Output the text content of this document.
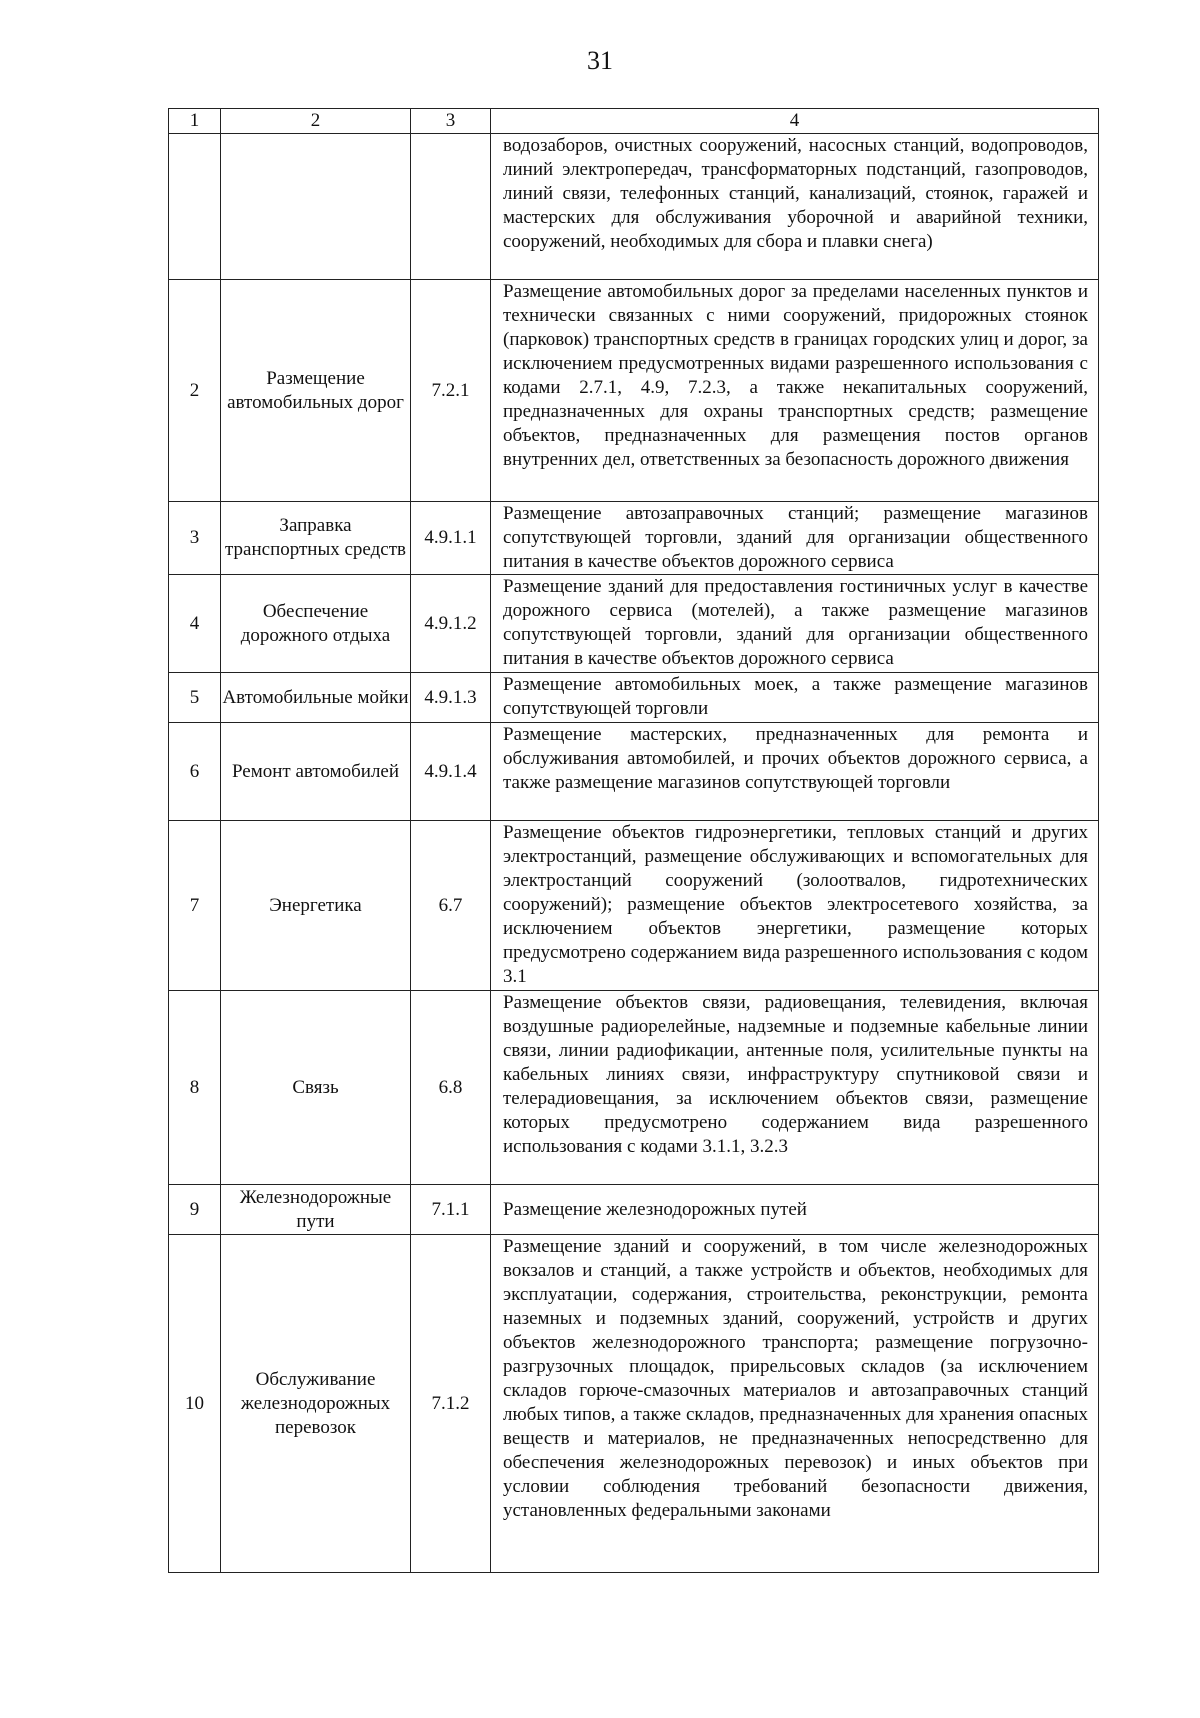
31
1	2	3	4
			водозаборов, очистных сооружений, насосных станций, водопроводов, линий электропередач, трансформаторных подстанций, газопроводов, линий связи, телефонных станций, канализаций, стоянок, гаражей и мастерских для обслуживания уборочной и аварийной техники, сооружений, необходимых для сбора и плавки снега)
2	Размещение автомобильных дорог	7.2.1	Размещение автомобильных дорог за пределами населенных пунктов и технически связанных с ними сооружений, придорожных стоянок (парковок) транспортных средств в границах городских улиц и дорог, за исключением предусмотренных видами разрешенного использования с кодами 2.7.1, 4.9, 7.2.3, а также некапитальных сооружений, предназначенных для охраны транспортных средств; размещение объектов, предназначенных для размещения постов органов внутренних дел, ответственных за безопасность дорожного движения
3	Заправка транспортных средств	4.9.1.1	Размещение автозаправочных станций; размещение магазинов сопутствующей торговли, зданий для организации общественного питания в качестве объектов дорожного сервиса
4	Обеспечение дорожного отдыха	4.9.1.2	Размещение зданий для предоставления гостиничных услуг в качестве дорожного сервиса (мотелей), а также размещение магазинов сопутствующей торговли, зданий для организации общественного питания в качестве объектов дорожного сервиса
5	Автомобильные мойки	4.9.1.3	Размещение автомобильных моек, а также размещение магазинов сопутствующей торговли
6	Ремонт автомобилей	4.9.1.4	Размещение мастерских, предназначенных для ремонта и обслуживания автомобилей, и прочих объектов дорожного сервиса, а также размещение магазинов сопутствующей торговли
7	Энергетика	6.7	Размещение объектов гидроэнергетики, тепловых станций и других электростанций, размещение обслуживающих и вспомогательных для электростанций сооружений (золоотвалов, гидротехнических сооружений); размещение объектов электросетевого хозяйства, за исключением объектов энергетики, размещение которых предусмотрено содержанием вида разрешенного использования с кодом 3.1
8	Связь	6.8	Размещение объектов связи, радиовещания, телевидения, включая воздушные радиорелейные, надземные и подземные кабельные линии связи, линии радиофикации, антенные поля, усилительные пункты на кабельных линиях связи, инфраструктуру спутниковой связи и телерадиовещания, за исключением объектов связи, размещение которых предусмотрено содержанием вида разрешенного использования с кодами 3.1.1, 3.2.3
9	Железнодорожные пути	7.1.1	Размещение железнодорожных путей
10	Обслуживание железнодорожных перевозок	7.1.2	Размещение зданий и сооружений, в том числе железнодорожных вокзалов и станций, а также устройств и объектов, необходимых для эксплуатации, содержания, строительства, реконструкции, ремонта наземных и подземных зданий, сооружений, устройств и других объектов железнодорожного транспорта; размещение погрузочно-разгрузочных площадок, прирельсовых складов (за исключением складов горюче-смазочных материалов и автозаправочных станций любых типов, а также складов, предназначенных для хранения опасных веществ и материалов, не предназначенных непосредственно для обеспечения железнодорожных перевозок) и иных объектов при условии соблюдения требований безопасности движения, установленных федеральными законами
